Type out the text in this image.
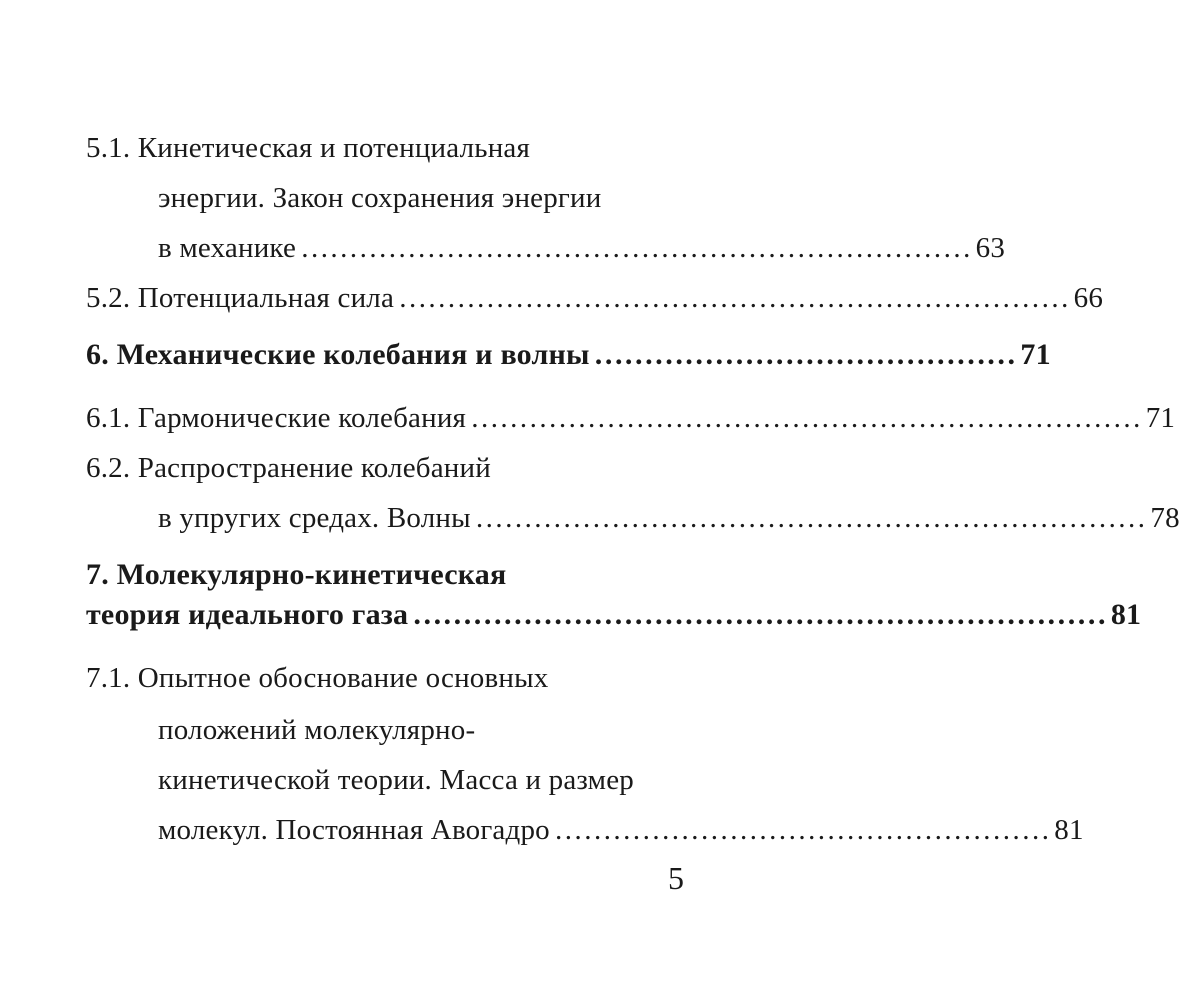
5.1. Кинетическая и потенциальная
энергии. Закон сохранения энергии
в механике …………………………………………………………… 63
5.2. Потенциальная сила …………………………………………………………… 66
6. Механические колебания и волны …………………………………… 71
6.1. Гармонические колебания …………………………………………………………… 71
6.2. Распространение колебаний
в упругих средах. Волны …………………………………………………………… 78
7. Молекулярно-кинетическая
теория идеального газа …………………………………………………………… 81
7.1. Опытное обоснование основных
положений молекулярно-
кинетической теории. Масса и размер
молекул. Постоянная Авогадро …………………………………………… 81
5
